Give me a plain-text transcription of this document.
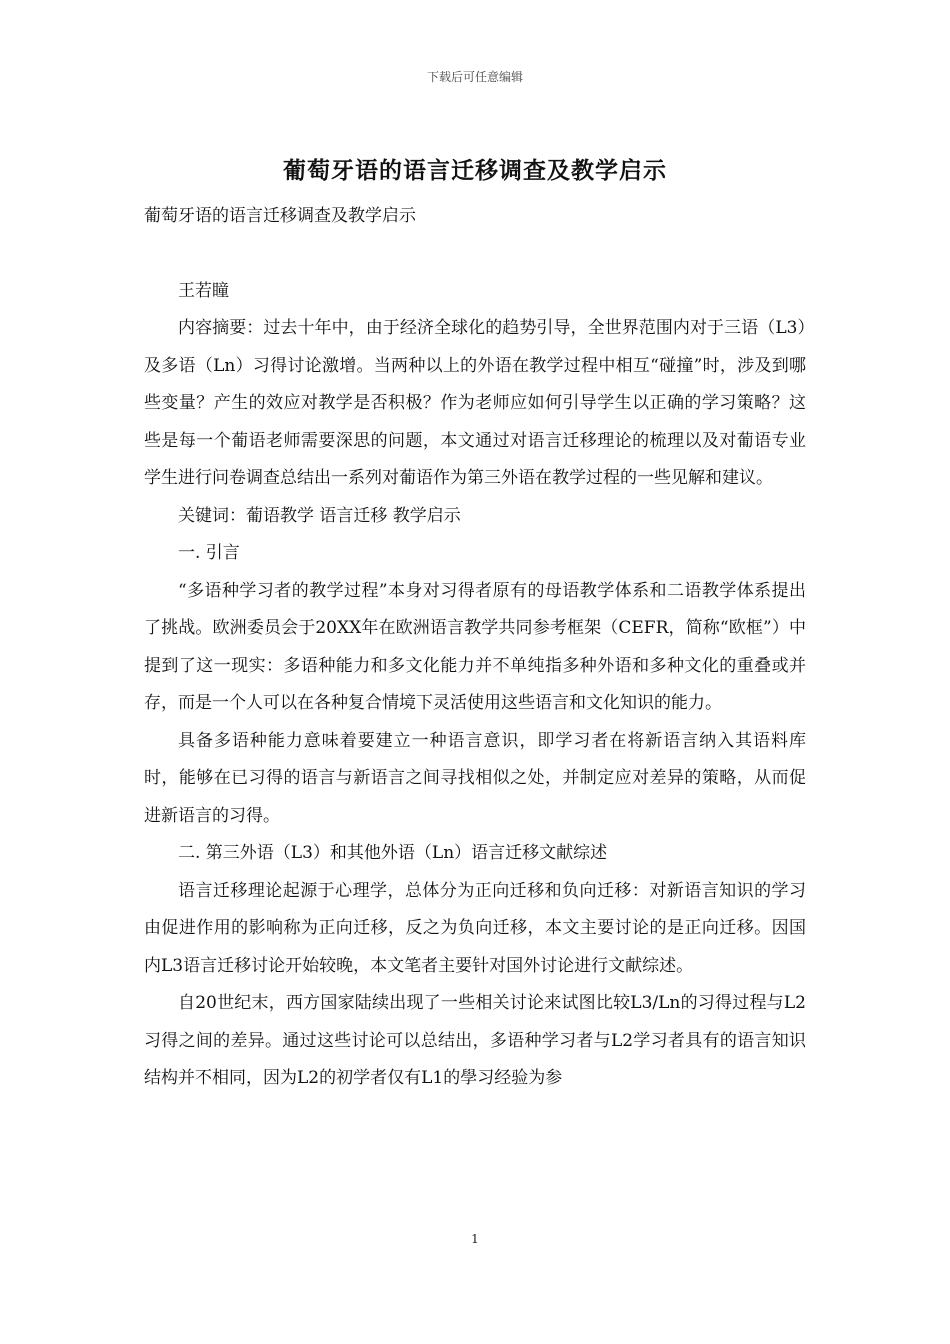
下载后可任意编辑
葡萄牙语的语言迁移调查及教学启示

葡萄牙语的语言迁移调查及教学启示

王若瞳

内容摘要：过去十年中，由于经济全球化的趋势引导，全世界范围内对于三语（L3）及多语（Ln）习得讨论激增。当两种以上的外语在教学过程中相互“碰撞”时，涉及到哪些变量？产生的效应对教学是否积极？作为老师应如何引导学生以正确的学习策略？这些是每一个葡语老师需要深思的问题，本文通过对语言迁移理论的梳理以及对葡语专业学生进行问卷调查总结出一系列对葡语作为第三外语在教学过程的一些见解和建议。

关键词：葡语教学 语言迁移 教学启示

一. 引言

“多语种学习者的教学过程”本身对习得者原有的母语教学体系和二语教学体系提出了挑战。欧洲委员会于20XX年在欧洲语言教学共同参考框架（CEFR，简称“欧框”）中提到了这一现实：多语种能力和多文化能力并不单纯指多种外语和多种文化的重叠或并存，而是一个人可以在各种复合情境下灵活使用这些语言和文化知识的能力。

具备多语种能力意味着要建立一种语言意识，即学习者在将新语言纳入其语料库时，能够在已习得的语言与新语言之间寻找相似之处，并制定应对差异的策略，从而促进新语言的习得。

二. 第三外语（L3）和其他外语（Ln）语言迁移文献综述

语言迁移理论起源于心理学，总体分为正向迁移和负向迁移：对新语言知识的学习由促进作用的影响称为正向迁移，反之为负向迁移，本文主要讨论的是正向迁移。因国内L3语言迁移讨论开始较晚，本文笔者主要针对国外讨论进行文献综述。

自20世纪末，西方国家陆续出现了一些相关讨论来试图比较L3/Ln的习得过程与L2习得之间的差异。通过这些讨论可以总结出，多语种学习者与L2学习者具有的语言知识结构并不相同，因为L2的初学者仅有L1的學习经验为参

1
